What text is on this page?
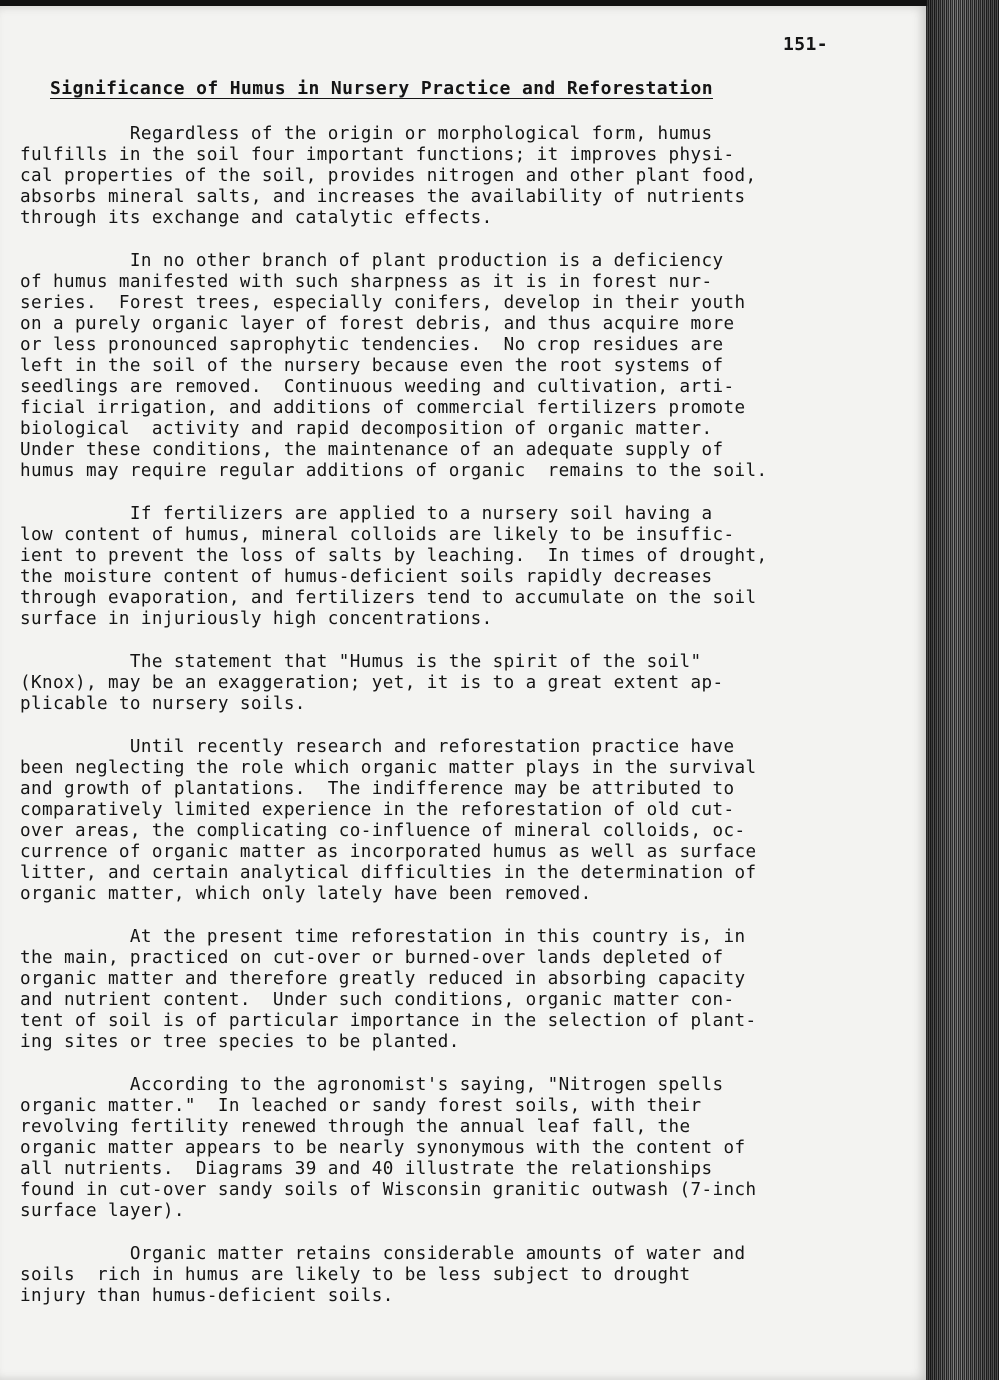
151-

Significance of Humus in Nursery Practice and Reforestation

Regardless of the origin or morphological form, humus
fulfills in the soil four important functions; it improves physi-
cal properties of the soil, provides nitrogen and other plant food,
absorbs mineral salts, and increases the availability of nutrients
through its exchange and catalytic effects.

In no other branch of plant production is a deficiency
of humus manifested with such sharpness as it is in forest nur-
series.  Forest trees, especially conifers, develop in their youth
on a purely organic layer of forest debris, and thus acquire more
or less pronounced saprophytic tendencies.  No crop residues are
left in the soil of the nursery because even the root systems of
seedlings are removed.  Continuous weeding and cultivation, arti-
ficial irrigation, and additions of commercial fertilizers promote
biological  activity and rapid decomposition of organic matter.
Under these conditions, the maintenance of an adequate supply of
humus may require regular additions of organic  remains to the soil.

If fertilizers are applied to a nursery soil having a
low content of humus, mineral colloids are likely to be insuffic-
ient to prevent the loss of salts by leaching.  In times of drought,
the moisture content of humus-deficient soils rapidly decreases
through evaporation, and fertilizers tend to accumulate on the soil
surface in injuriously high concentrations.

The statement that "Humus is the spirit of the soil"
(Knox), may be an exaggeration; yet, it is to a great extent ap-
plicable to nursery soils.

Until recently research and reforestation practice have
been neglecting the role which organic matter plays in the survival
and growth of plantations.  The indifference may be attributed to
comparatively limited experience in the reforestation of old cut-
over areas, the complicating co-influence of mineral colloids, oc-
currence of organic matter as incorporated humus as well as surface
litter, and certain analytical difficulties in the determination of
organic matter, which only lately have been removed.

At the present time reforestation in this country is, in
the main, practiced on cut-over or burned-over lands depleted of
organic matter and therefore greatly reduced in absorbing capacity
and nutrient content.  Under such conditions, organic matter con-
tent of soil is of particular importance in the selection of plant-
ing sites or tree species to be planted.

According to the agronomist's saying, "Nitrogen spells
organic matter."  In leached or sandy forest soils, with their
revolving fertility renewed through the annual leaf fall, the
organic matter appears to be nearly synonymous with the content of
all nutrients.  Diagrams 39 and 40 illustrate the relationships
found in cut-over sandy soils of Wisconsin granitic outwash (7-inch
surface layer).

Organic matter retains considerable amounts of water and
soils  rich in humus are likely to be less subject to drought
injury than humus-deficient soils.
